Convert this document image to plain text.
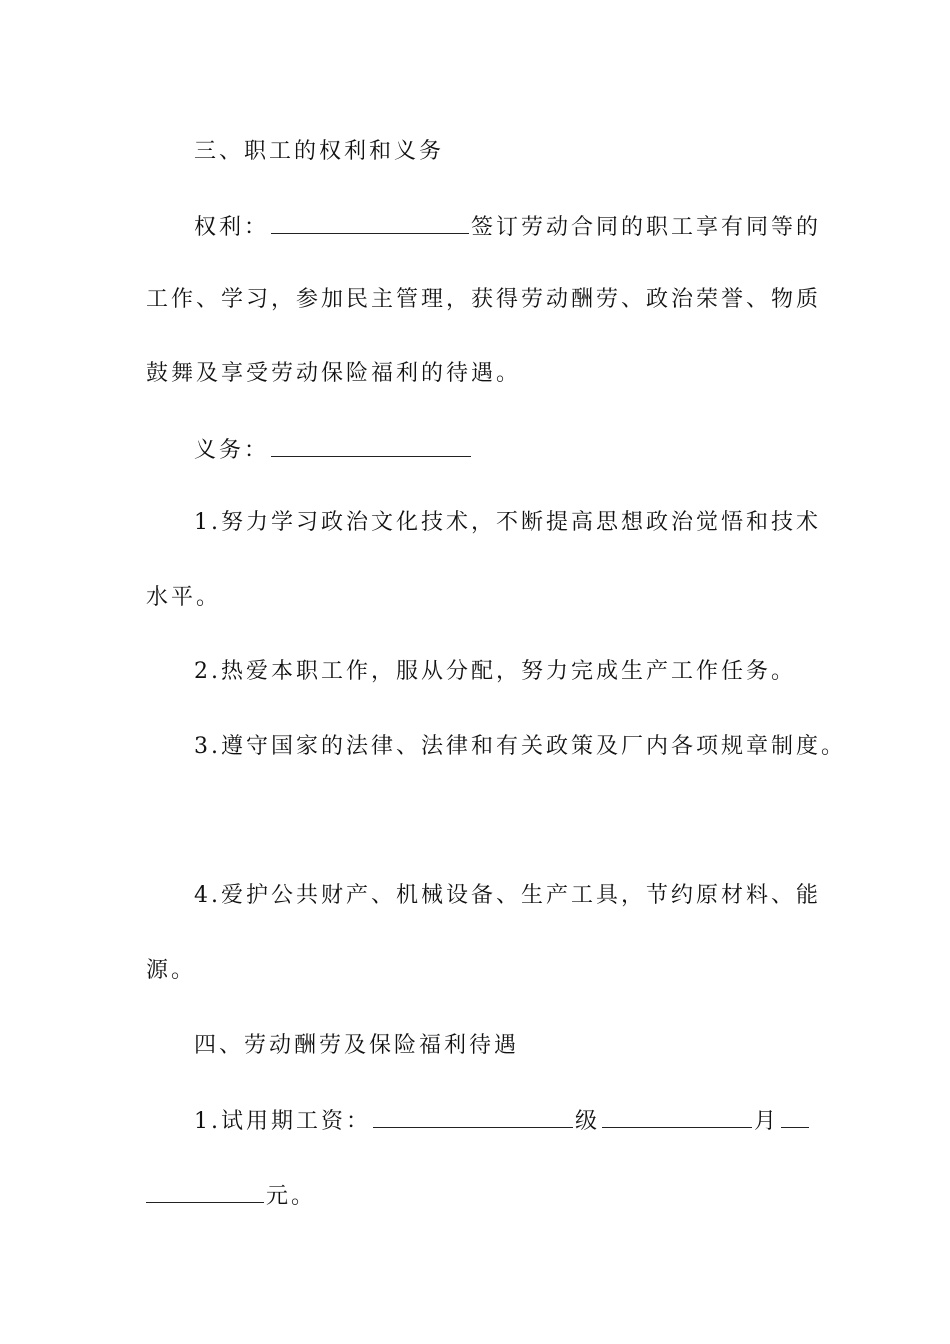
三、职工的权利和义务
权利：	签订劳动合同的职工享有同等的
工作、学习，参加民主管理，获得劳动酬劳、政治荣誉、物质
鼓舞及享受劳动保险福利的待遇。
义务：
1.努力学习政治文化技术，不断提高思想政治觉悟和技术
水平。
2.热爱本职工作，服从分配，努力完成生产工作任务。
3.遵守国家的法律、法律和有关政策及厂内各项规章制度。
4.爱护公共财产、机械设备、生产工具，节约原材料、能
源。
四、劳动酬劳及保险福利待遇
1.试用期工资：	级	月
元。
